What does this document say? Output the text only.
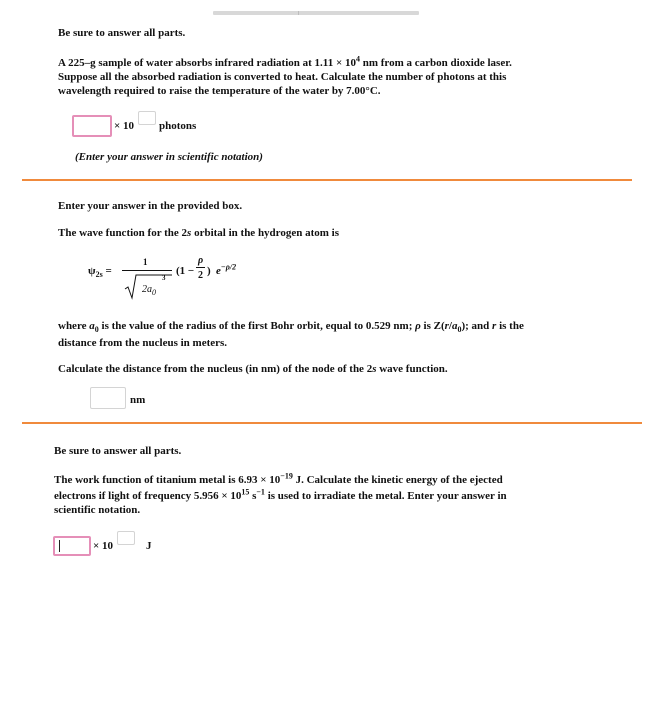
Be sure to answer all parts.
A 225–g sample of water absorbs infrared radiation at $1.11 \times 10^4$ nm from a carbon dioxide laser.
Suppose all the absorbed radiation is converted to heat. Calculate the number of photons at this
wavelength required to raise the temperature of the water by 7.00°C.
× 10 photons
(Enter your answer in scientific notation)
Enter your answer in the provided box.
The wave function for the 2s orbital in the hydrogen atom is
$\psi_{2s}$ =
1
$2a_0$
3
(1 −
ρ
2 ) $e^{-\rho/2}$
where $a_0$ is the value of the radius of the first Bohr orbit, equal to 0.529 nm; ρ is $Z(r/a_0)$; and r is the
distance from the nucleus in meters.
Calculate the distance from the nucleus (in nm) of the node of the 2s wave function.
nm
Be sure to answer all parts.
The work function of titanium metal is $6.93 \times 10^{-19}$ J. Calculate the kinetic energy of the ejected
electrons if light of frequency $5.956 \times 10^{15}$ $s^{-1}$ is used to irradiate the metal. Enter your answer in
scientific notation.
× 10	J
